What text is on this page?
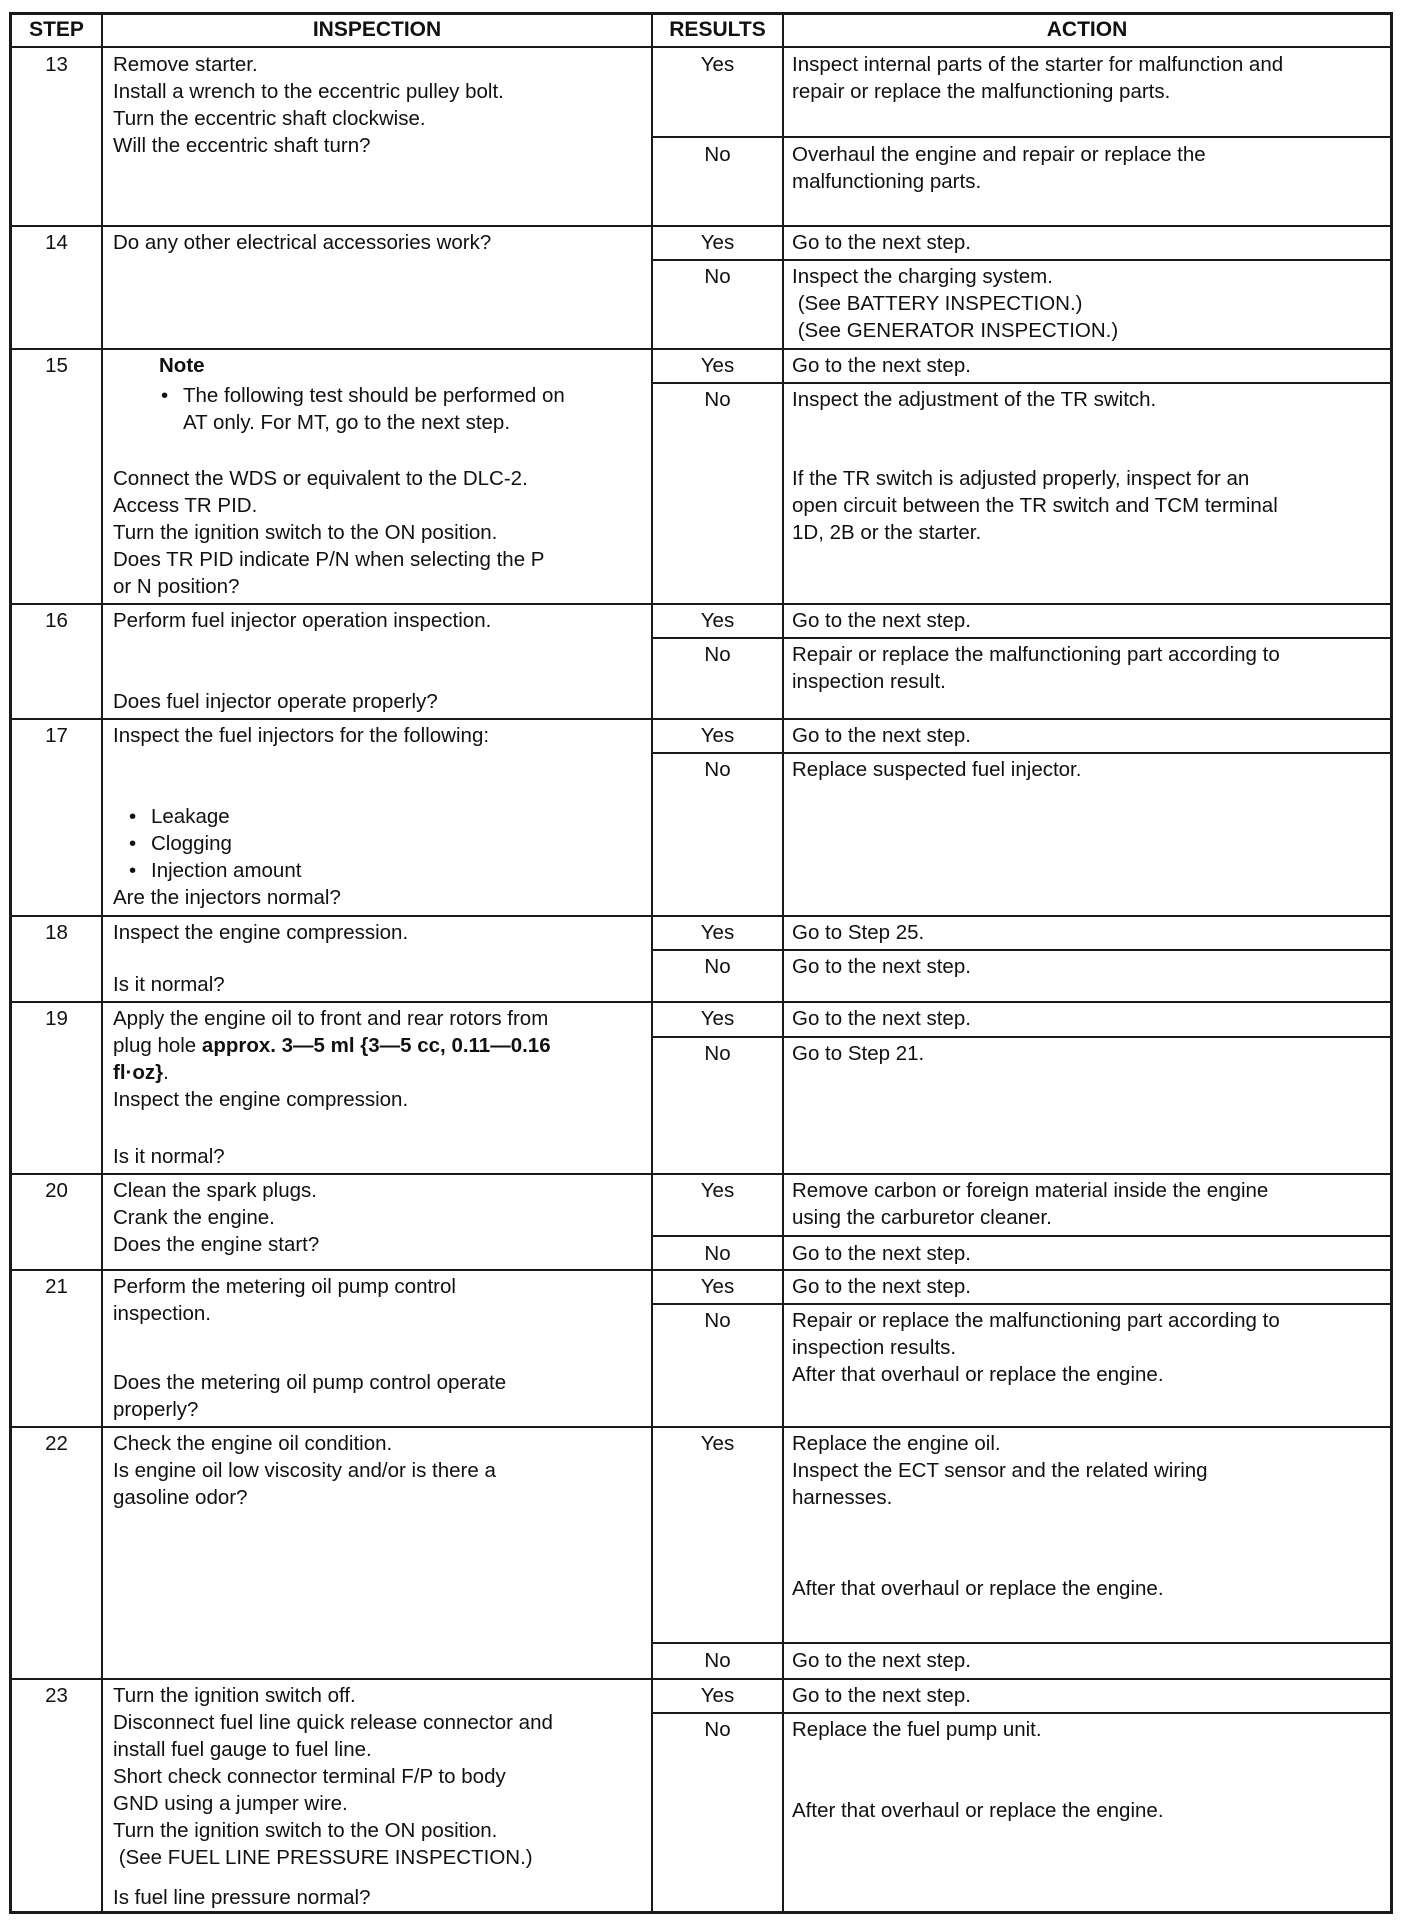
STEP	INSPECTION	RESULTS	ACTION
13	Remove starter.
Install a wrench to the eccentric pulley bolt.
Turn the eccentric shaft clockwise.
Will the eccentric shaft turn?
Yes	Inspect internal parts of the starter for malfunction and
repair or replace the malfunctioning parts.
No	Overhaul the engine and repair or replace the
malfunctioning parts.
14	Do any other electrical accessories work?	Yes	Go to the next step.
No	Inspect the charging system.
(See BATTERY INSPECTION.)
(See GENERATOR INSPECTION.)
15	Note
• The following test should be performed on
AT only. For MT, go to the next step.
Connect the WDS or equivalent to the DLC-2.
Access TR PID.
Turn the ignition switch to the ON position.
Does TR PID indicate P/N when selecting the P
or N position?
Yes	Go to the next step.
No	Inspect the adjustment of the TR switch.
If the TR switch is adjusted properly, inspect for an
open circuit between the TR switch and TCM terminal
1D, 2B or the starter.
16	Perform fuel injector operation inspection.
Does fuel injector operate properly?
Yes	Go to the next step.
No	Repair or replace the malfunctioning part according to
inspection result.
17	Inspect the fuel injectors for the following:
• Leakage
• Clogging
• Injection amount
Are the injectors normal?
Yes	Go to the next step.
No	Replace suspected fuel injector.
18	Inspect the engine compression.
Is it normal?
Yes	Go to Step 25.
No	Go to the next step.
19	Apply the engine oil to front and rear rotors from
plug hole approx. 3—5 ml {3—5 cc, 0.11—0.16
fl·oz}.
Inspect the engine compression.
Is it normal?
Yes	Go to the next step.
No	Go to Step 21.
20	Clean the spark plugs.
Crank the engine.
Does the engine start?
Yes	Remove carbon or foreign material inside the engine
using the carburetor cleaner.
No	Go to the next step.
21	Perform the metering oil pump control
inspection.
Does the metering oil pump control operate
properly?
Yes	Go to the next step.
No	Repair or replace the malfunctioning part according to
inspection results.
After that overhaul or replace the engine.
22	Check the engine oil condition.
Is engine oil low viscosity and/or is there a
gasoline odor?
Yes	Replace the engine oil.
Inspect the ECT sensor and the related wiring
harnesses.
After that overhaul or replace the engine.
No	Go to the next step.
23	Turn the ignition switch off.
Disconnect fuel line quick release connector and
install fuel gauge to fuel line.
Short check connector terminal F/P to body
GND using a jumper wire.
Turn the ignition switch to the ON position.
(See FUEL LINE PRESSURE INSPECTION.)
Is fuel line pressure normal?
Yes	Go to the next step.
No	Replace the fuel pump unit.
After that overhaul or replace the engine.
